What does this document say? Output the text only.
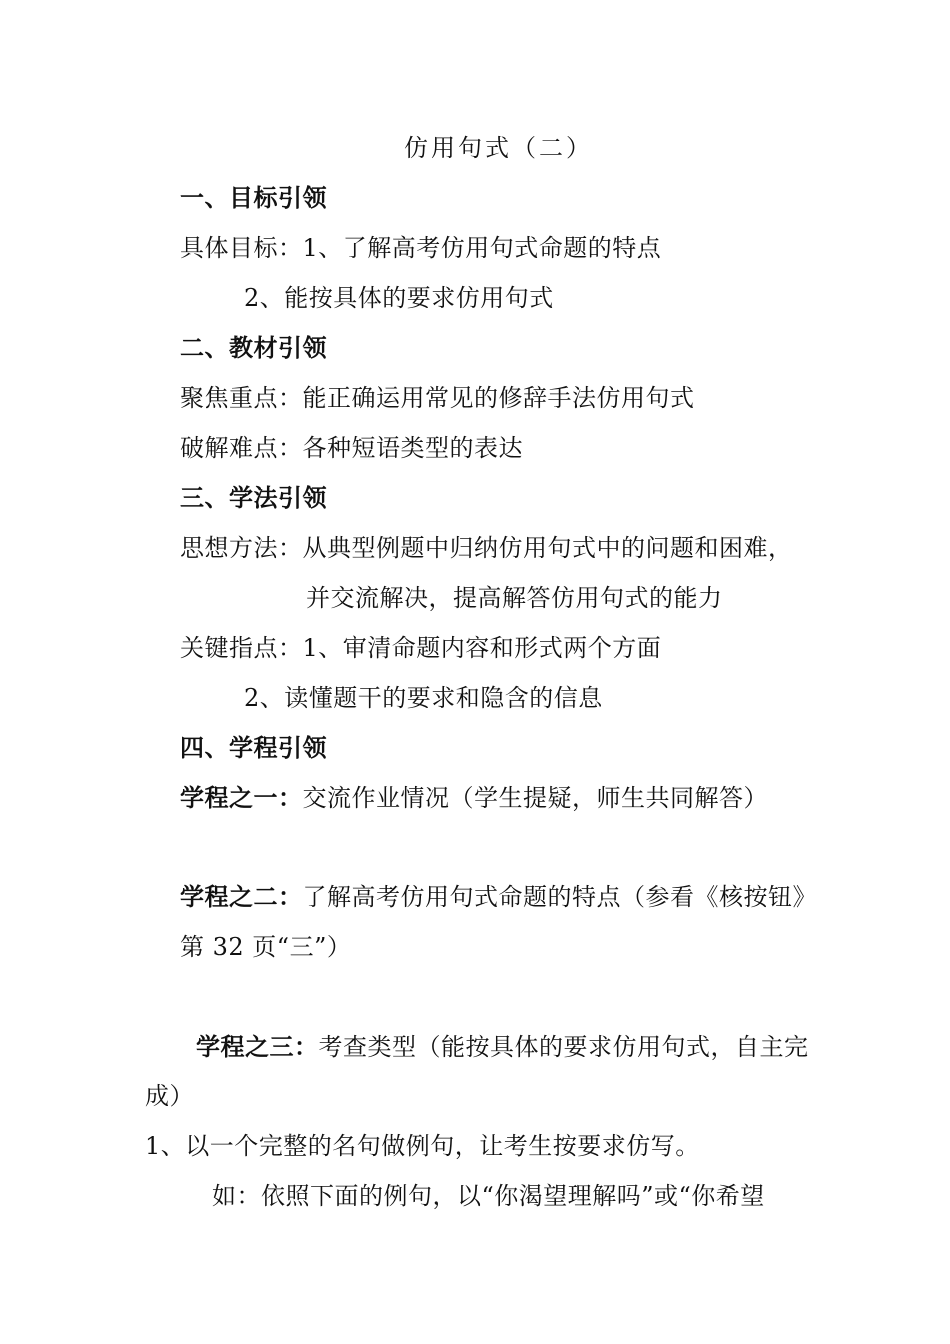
仿用句式（二）
一、目标引领
具体目标：1、了解高考仿用句式命题的特点
2、能按具体的要求仿用句式
二、教材引领
聚焦重点：能正确运用常见的修辞手法仿用句式
破解难点：各种短语类型的表达
三、学法引领
思想方法：从典型例题中归纳仿用句式中的问题和困难，
并交流解决，提高解答仿用句式的能力
关键指点：1、审清命题内容和形式两个方面
2、读懂题干的要求和隐含的信息
四、学程引领
学程之一：交流作业情况（学生提疑，师生共同解答）
学程之二：了解高考仿用句式命题的特点（参看《核按钮》
第 32 页“三”）
学程之三：考查类型（能按具体的要求仿用句式，自主完
成）
1、以一个完整的名句做例句，让考生按要求仿写。
如：依照下面的例句，以“你渴望理解吗”或“你希望
